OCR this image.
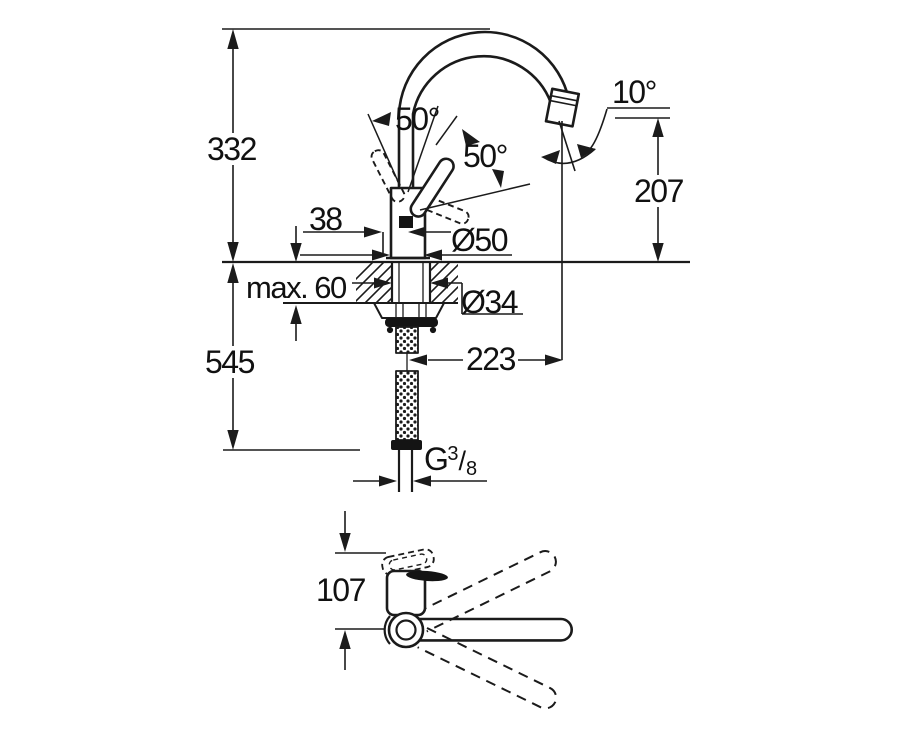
332
545
max. 60
38
Ø50
Ø34
50°
50°
10°
207
223
$G^3/_8$
107
